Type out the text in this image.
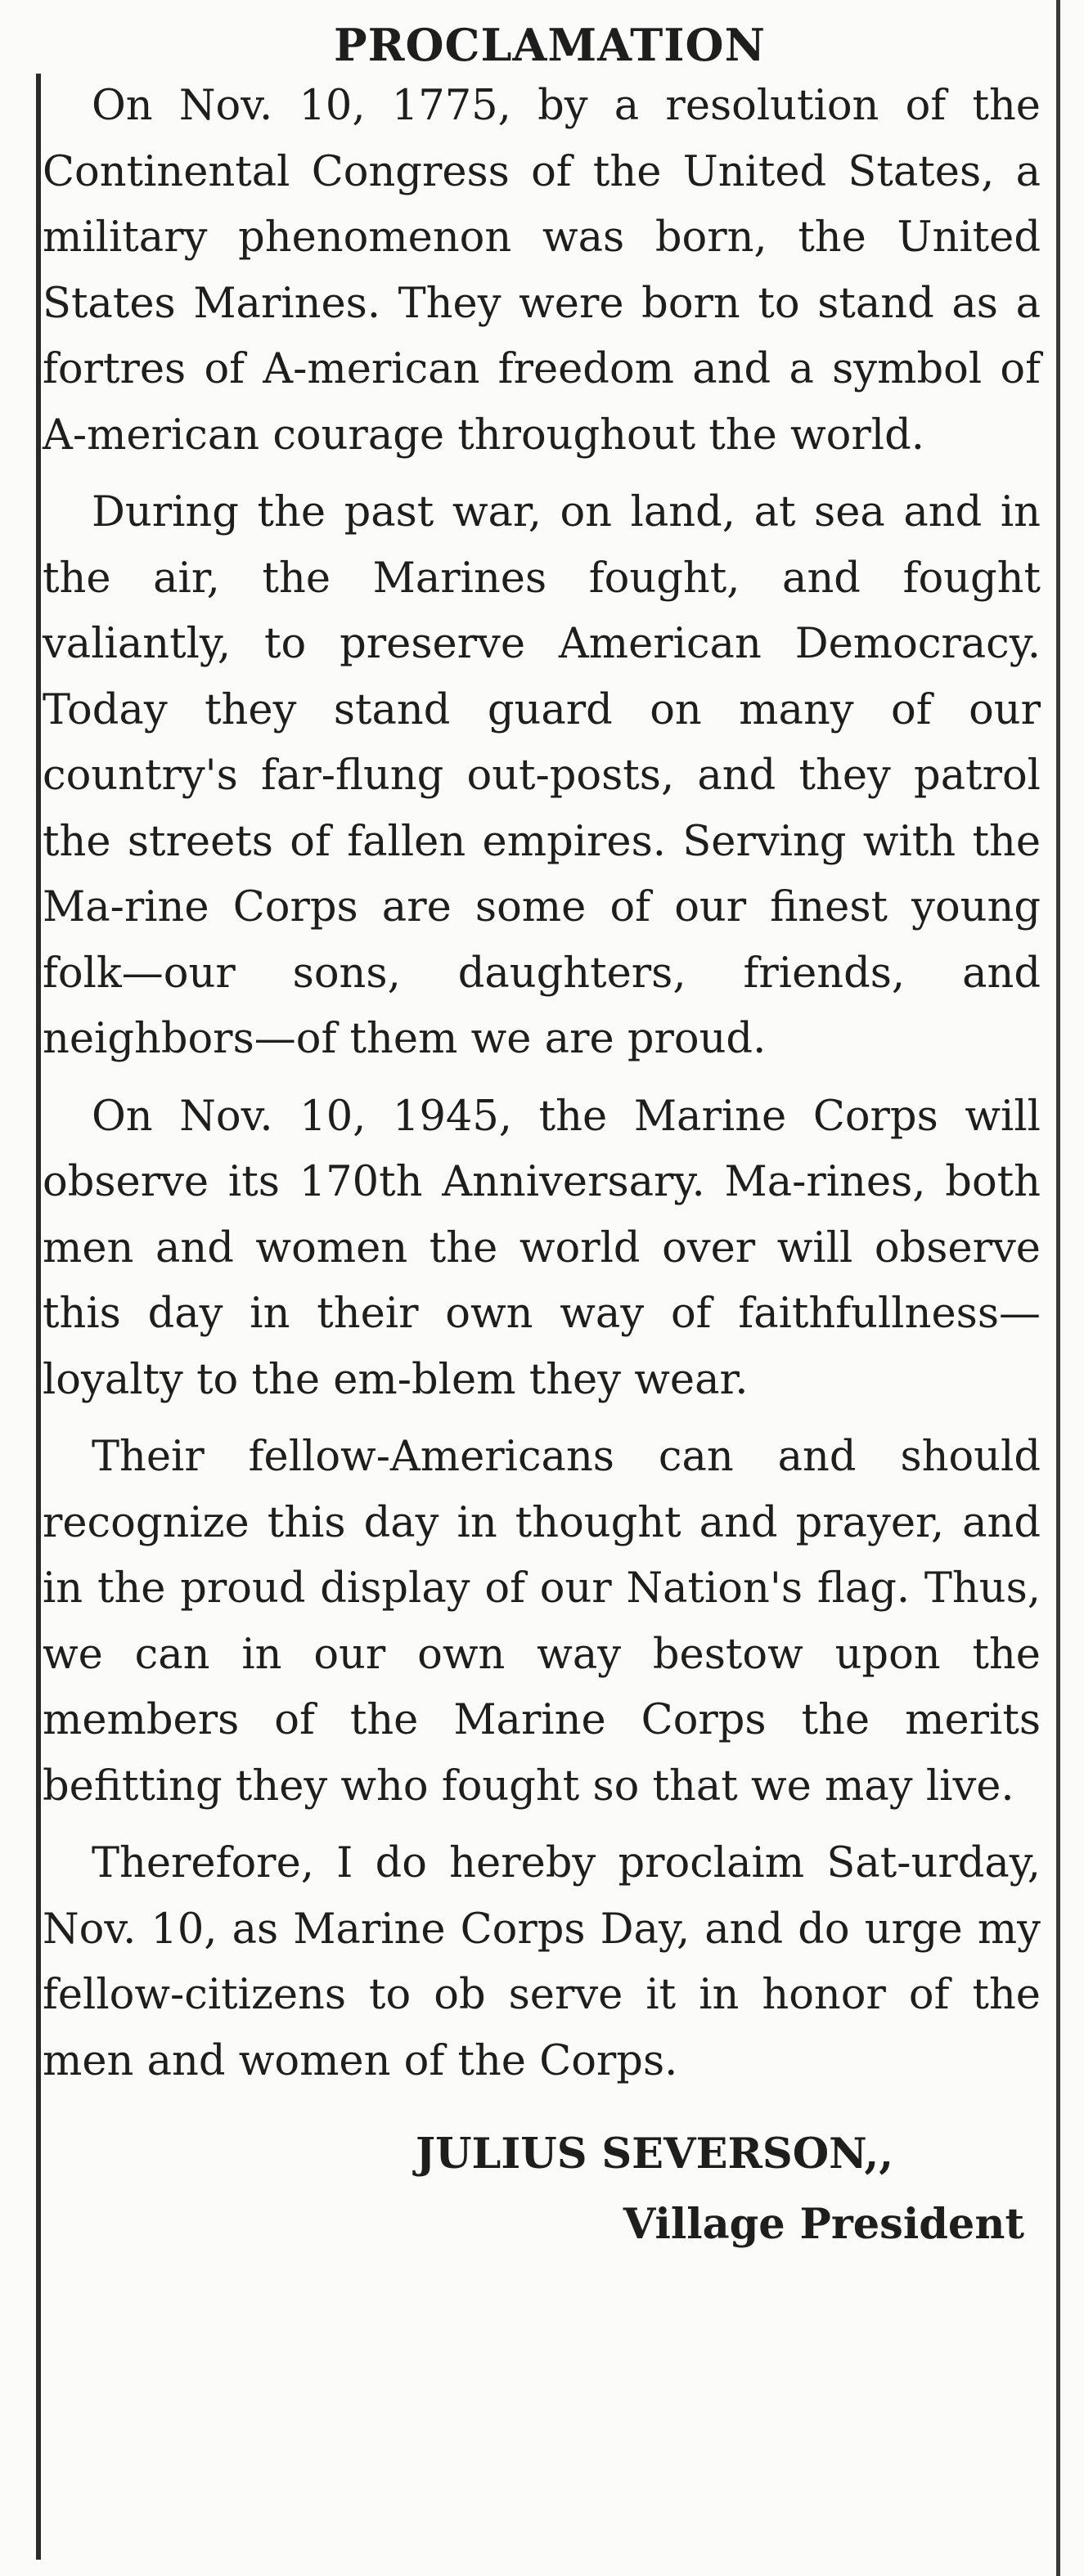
PROCLAMATION

On Nov. 10, 1775, by a resolution of the Continental Congress of the United States, a military phenomenon was born, the United States Marines. They were born to stand as a fortres of A-merican freedom and a symbol of A-merican courage throughout the world.

During the past war, on land, at sea and in the air, the Marines fought, and fought valiantly, to preserve American Democracy. Today they stand guard on many of our country's far-flung out-posts, and they patrol the streets of fallen empires. Serving with the Ma-rine Corps are some of our finest young folk—our sons, daughters, friends, and neighbors—of them we are proud.

On Nov. 10, 1945, the Marine Corps will observe its 170th Anniversary. Ma-rines, both men and women the world over will observe this day in their own way of faithfullness—loyalty to the em-blem they wear.

Their fellow-Americans can and should recognize this day in thought and prayer, and in the proud display of our Nation's flag. Thus, we can in our own way bestow upon the members of the Marine Corps the merits befitting they who fought so that we may live.

Therefore, I do hereby proclaim Sat-urday, Nov. 10, as Marine Corps Day, and do urge my fellow-citizens to ob serve it in honor of the men and women of the Corps.

JULIUS SEVERSON,,
Village President
